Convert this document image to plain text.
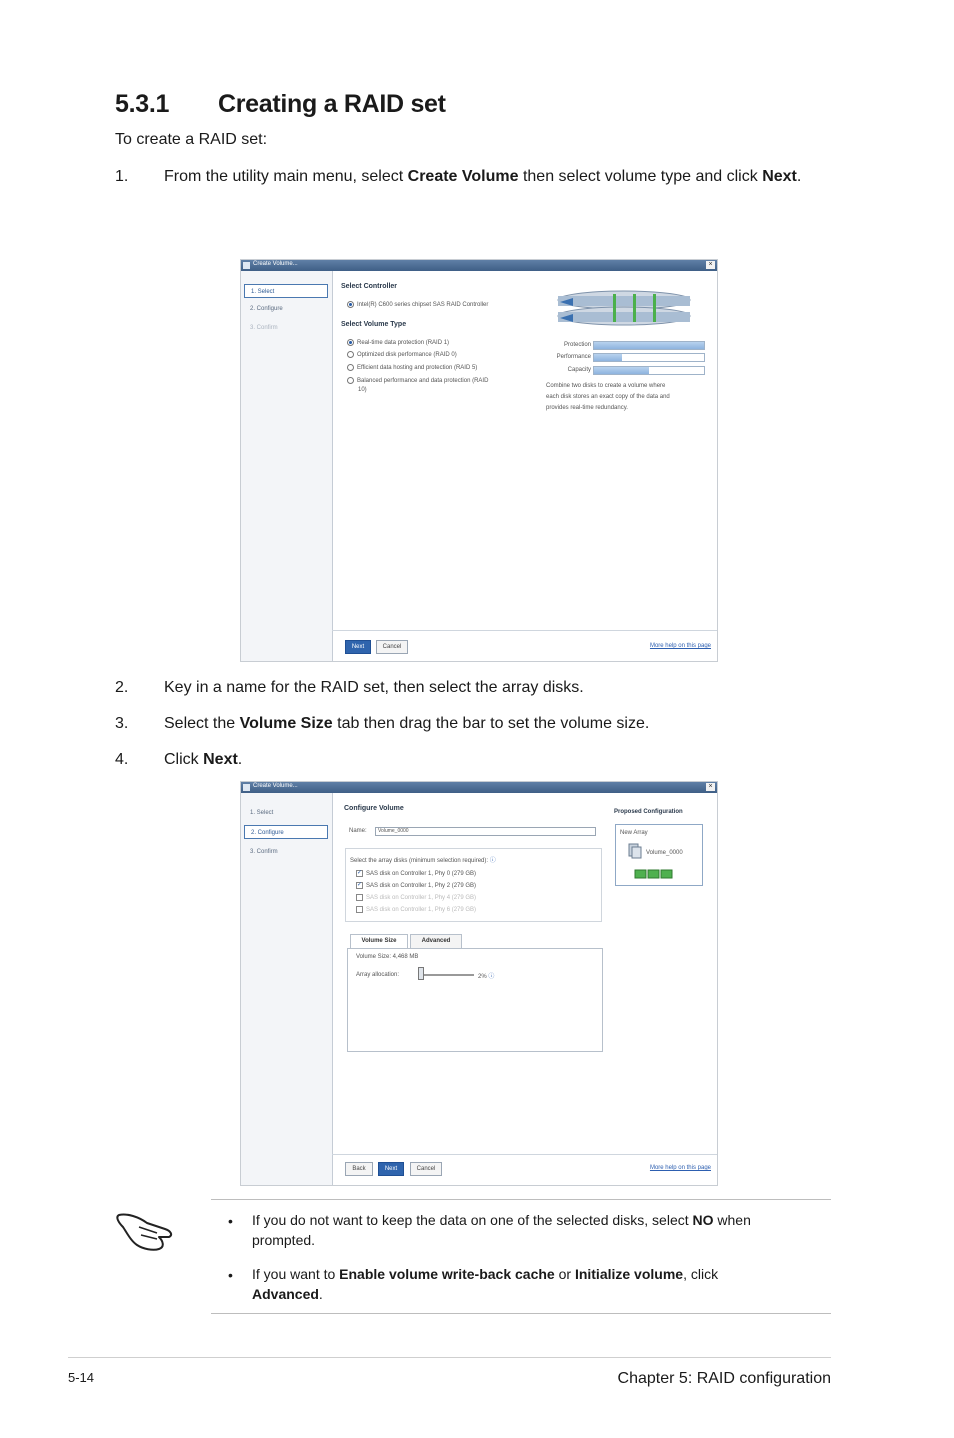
5.3.1 Creating a RAID set
To create a RAID set:
1. From the utility main menu, select Create Volume then select volume type and click Next.
Create Volume...	×
1. Select
2. Configure
3. Confirm
Select Controller
Intel(R) C600 series chipset SAS RAID Controller
Select Volume Type
Real-time data protection (RAID 1)
Optimized disk performance (RAID 0)
Efficient data hosting and protection (RAID 5)
Balanced performance and data protection (RAID
10)
Protection
Performance
Capacity
Combine two disks to create a volume where
each disk stores an exact copy of the data and
provides real-time redundancy.
Next	Cancel	More help on this page
2. Key in a name for the RAID set, then select the array disks.
3. Select the Volume Size tab then drag the bar to set the volume size.
4. Click Next.
Create Volume...	×
1. Select
2. Configure
3. Confirm
Configure Volume
Name:	Volume_0000
Select the array disks (minimum selection required): ⓘ
✓ SAS disk on Controller 1, Phy 0 (279 GB)
✓ SAS disk on Controller 1, Phy 2 (279 GB)
SAS disk on Controller 1, Phy 4 (279 GB)
SAS disk on Controller 1, Phy 6 (279 GB)
Volume Size	Advanced
Volume Size: 4,468 MB
Array allocation:	2% ⓘ
Proposed Configuration
New Array
Volume_0000
Back	Next	Cancel	More help on this page
• If you do not want to keep the data on one of the selected disks, select NO when
prompted.
• If you want to Enable volume write-back cache or Initialize volume, click
Advanced.
5-14	Chapter 5: RAID configuration
